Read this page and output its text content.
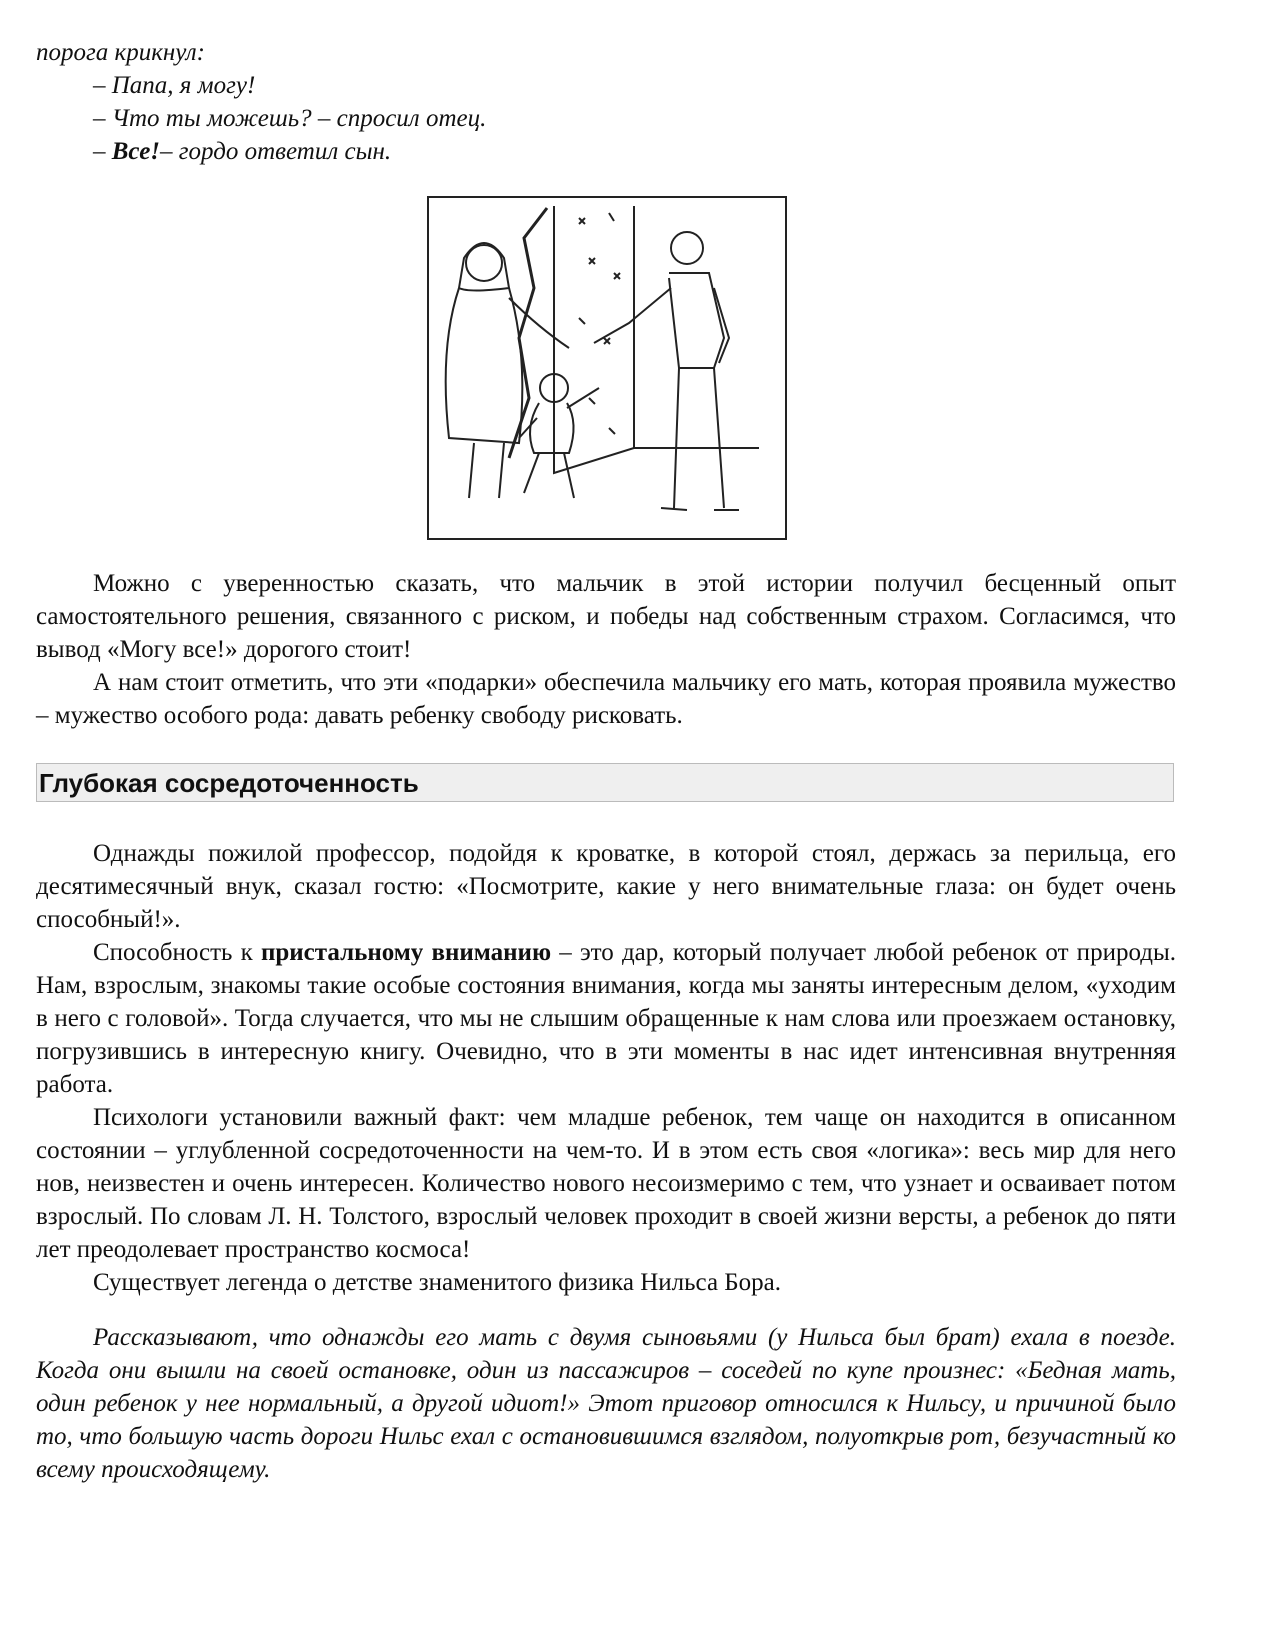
порога крикнул:

– Папа, я могу!

– Что ты можешь? – спросил отец.

– Все!– гордо ответил сын.

Можно с уверенностью сказать, что мальчик в этой истории получил бесценный опыт самостоятельного решения, связанного с риском, и победы над собственным страхом. Согласимся, что вывод «Могу все!» дорогого стоит!

А нам стоит отметить, что эти «подарки» обеспечила мальчику его мать, которая проявила мужество – мужество особого рода: давать ребенку свободу рисковать.

Глубокая сосредоточенность

Однажды пожилой профессор, подойдя к кроватке, в которой стоял, держась за перильца, его десятимесячный внук, сказал гостю: «Посмотрите, какие у него внимательные глаза: он будет очень способный!».

Способность к пристальному вниманию – это дар, который получает любой ребенок от природы. Нам, взрослым, знакомы такие особые состояния внимания, когда мы заняты интересным делом, «уходим в него с головой». Тогда случается, что мы не слышим обращенные к нам слова или проезжаем остановку, погрузившись в интересную книгу. Очевидно, что в эти моменты в нас идет интенсивная внутренняя работа.

Психологи установили важный факт: чем младше ребенок, тем чаще он находится в описанном состоянии – углубленной сосредоточенности на чем-то. И в этом есть своя «логика»: весь мир для него нов, неизвестен и очень интересен. Количество нового несоизмеримо с тем, что узнает и осваивает потом взрослый. По словам Л. Н. Толстого, взрослый человек проходит в своей жизни версты, а ребенок до пяти лет преодолевает пространство космоса!

Существует легенда о детстве знаменитого физика Нильса Бора.

Рассказывают, что однажды его мать с двумя сыновьями (у Нильса был брат) ехала в поезде. Когда они вышли на своей остановке, один из пассажиров – соседей по купе произнес: «Бедная мать, один ребенок у нее нормальный, а другой идиот!» Этот приговор относился к Нильсу, и причиной было то, что большую часть дороги Нильс ехал с остановившимся взглядом, полуоткрыв рот, безучастный ко всему происходящему.
